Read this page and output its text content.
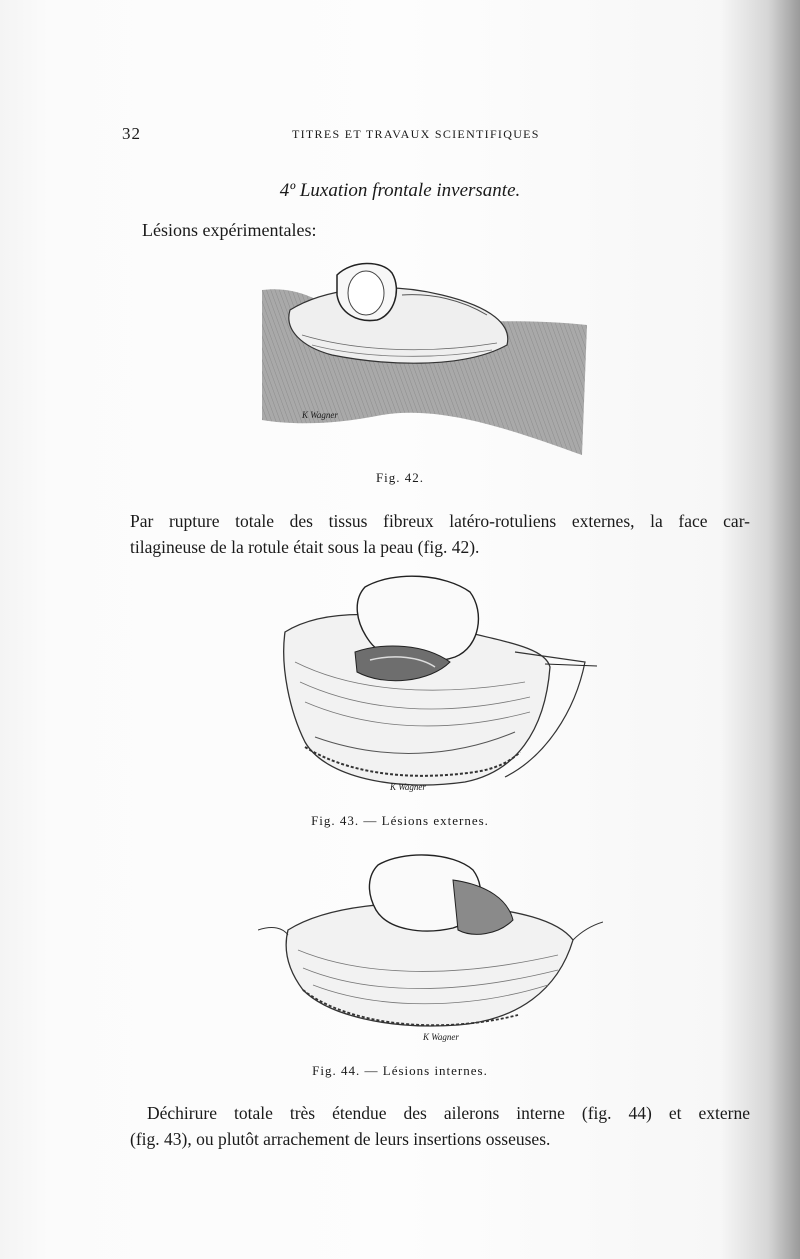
32	TITRES ET TRAVAUX SCIENTIFIQUES
4º Luxation frontale inversante.
Lésions expérimentales:
K Wagner
Fig. 42.
Par rupture totale des tissus fibreux latéro-rotuliens externes, la face car-
tilagineuse de la rotule était sous la peau (fig. 42).
K Wagner
Fig. 43. — Lésions externes.
K Wagner
Fig. 44. — Lésions internes.
Déchirure totale très étendue des ailerons interne (fig. 44) et externe
(fig. 43), ou plutôt arrachement de leurs insertions osseuses.
